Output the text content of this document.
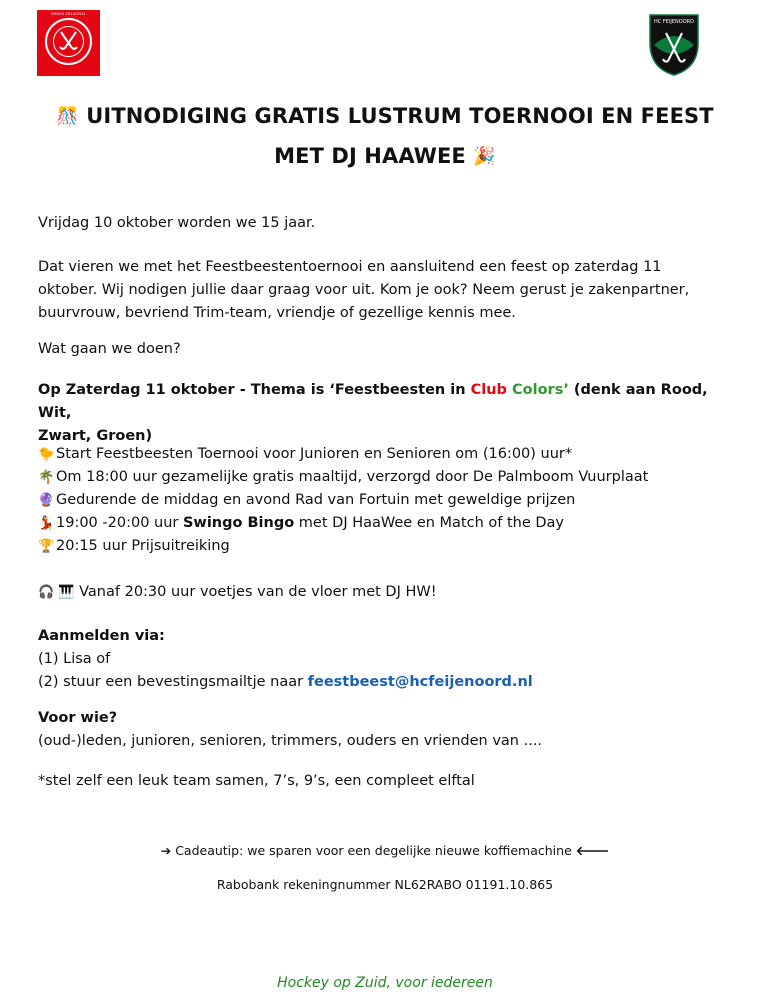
SINDS 2010/2011
HC FEIJENOORD
🎊 UITNODIGING GRATIS LUSTRUM TOERNOOI EN FEEST
MET DJ HAAWEE 🎉
Vrijdag 10 oktober worden we 15 jaar.
Dat vieren we met het Feestbeestentoernooi en aansluitend een feest op zaterdag 11
oktober. Wij nodigen jullie daar graag voor uit. Kom je ook? Neem gerust je zakenpartner,
buurvrouw, bevriend Trim-team, vriendje of gezellige kennis mee.
Wat gaan we doen?
Op Zaterdag 11 oktober - Thema is ‘Feestbeesten in Club Colors’ (denk aan Rood, Wit,
Zwart, Groen)
🐤 Start Feestbeesten Toernooi voor Junioren en Senioren om (16:00) uur*
🌴 Om 18:00 uur gezamelijke gratis maaltijd, verzorgd door De Palmboom Vuurplaat
🔮 Gedurende de middag en avond Rad van Fortuin met geweldige prijzen
💃 19:00 -20:00 uur Swingo Bingo met DJ HaaWee en Match of the Day
🏆 20:15 uur Prijsuitreiking
🎧 🎹 Vanaf 20:30 uur voetjes van de vloer met DJ HW!
Aanmelden via:
(1) Lisa of
(2) stuur een bevestingsmailtje naar feestbeest@hcfeijenoord.nl
Voor wie?
(oud-)leden, junioren, senioren, trimmers, ouders en vrienden van ....
*stel zelf een leuk team samen, 7’s, 9’s, een compleet elftal
➔ Cadeautip: we sparen voor een degelijke nieuwe koffiemachine 🡐
Rabobank rekeningnummer NL62RABO 01191.10.865
Hockey op Zuid, voor iedereen
